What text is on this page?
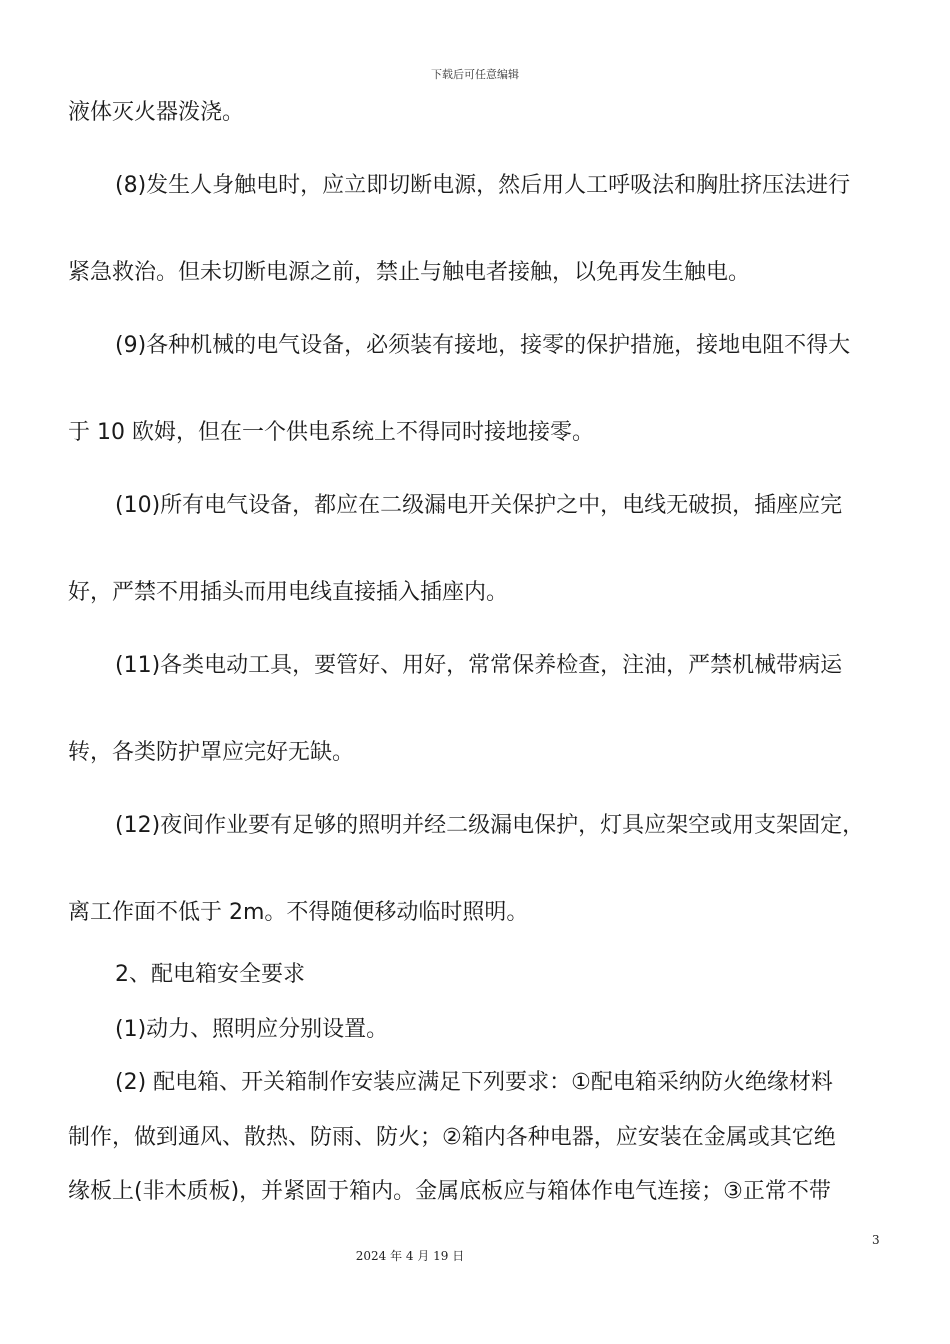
下载后可任意编辑
液体灭火器泼浇。
(8)发生人身触电时，应立即切断电源，然后用人工呼吸法和胸肚挤压法进行
紧急救治。但未切断电源之前，禁止与触电者接触，以免再发生触电。
(9)各种机械的电气设备，必须装有接地，接零的保护措施，接地电阻不得大
于 10 欧姆，但在一个供电系统上不得同时接地接零。
(10)所有电气设备，都应在二级漏电开关保护之中，电线无破损，插座应完
好，严禁不用插头而用电线直接插入插座内。
(11)各类电动工具，要管好、用好，常常保养检查，注油，严禁机械带病运
转，各类防护罩应完好无缺。
(12)夜间作业要有足够的照明并经二级漏电保护，灯具应架空或用支架固定，
离工作面不低于 2m。不得随便移动临时照明。
2、配电箱安全要求
(1)动力、照明应分别设置。
(2) 配电箱、开关箱制作安装应满足下列要求：①配电箱采纳防火绝缘材料
制作，做到通风、散热、防雨、防火；②箱内各种电器，应安装在金属或其它绝
缘板上(非木质板)，并紧固于箱内。金属底板应与箱体作电气连接；③正常不带
3
2024 年 4 月 19 日
